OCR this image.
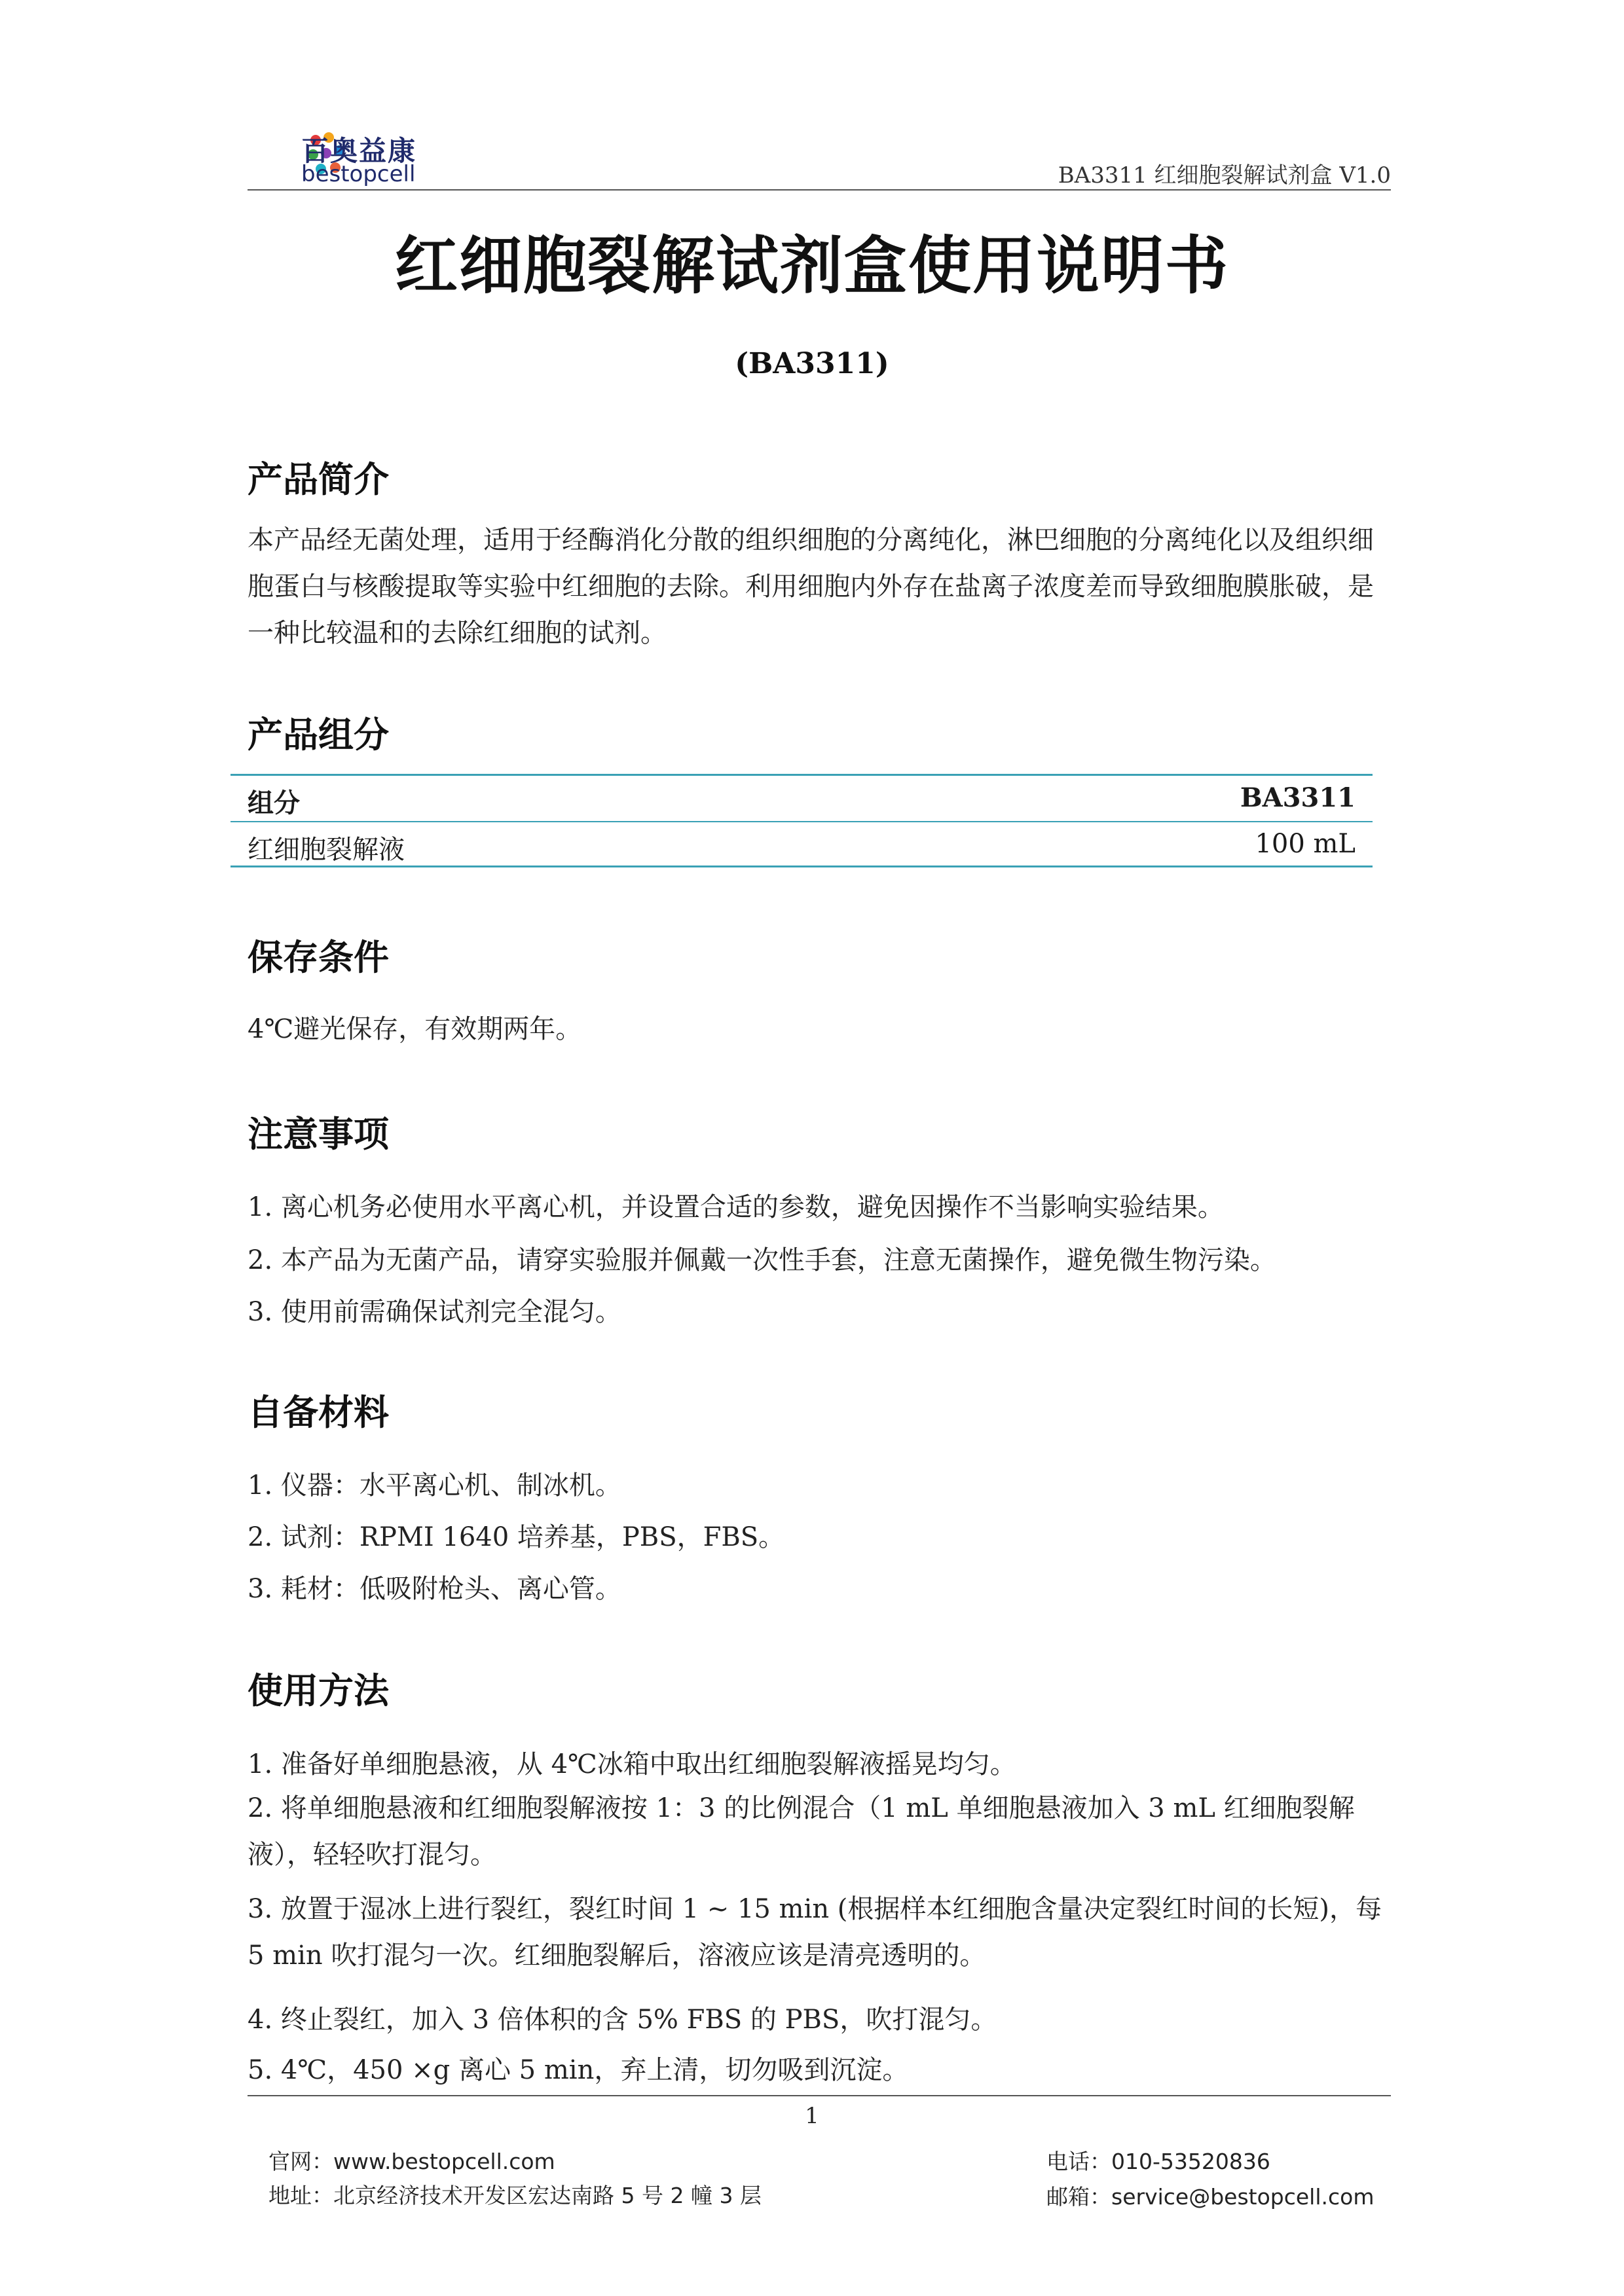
百奥益康
bestopcell	BA3311 红细胞裂解试剂盒 V1.0
红细胞裂解试剂盒使用说明书
(BA3311)
产品简介
本产品经无菌处理，适用于经酶消化分散的组织细胞的分离纯化，淋巴细胞的分离纯化以及组织细胞蛋白与核酸提取等实验中红细胞的去除。利用细胞内外存在盐离子浓度差而导致细胞膜胀破，是一种比较温和的去除红细胞的试剂。
产品组分
组分	BA3311
红细胞裂解液	100 mL
保存条件
4℃避光保存，有效期两年。
注意事项
1. 离心机务必使用水平离心机，并设置合适的参数，避免因操作不当影响实验结果。
2. 本产品为无菌产品，请穿实验服并佩戴一次性手套，注意无菌操作，避免微生物污染。
3. 使用前需确保试剂完全混匀。
自备材料
1. 仪器：水平离心机、制冰机。
2. 试剂：RPMI 1640 培养基，PBS，FBS。
3. 耗材：低吸附枪头、离心管。
使用方法
1. 准备好单细胞悬液，从 4℃冰箱中取出红细胞裂解液摇晃均匀。
2. 将单细胞悬液和红细胞裂解液按 1：3 的比例混合（1 mL 单细胞悬液加入 3 mL 红细胞裂解液），轻轻吹打混匀。
3. 放置于湿冰上进行裂红，裂红时间 1 ~ 15 min (根据样本红细胞含量决定裂红时间的长短)，每 5 min 吹打混匀一次。红细胞裂解后，溶液应该是清亮透明的。
4. 终止裂红，加入 3 倍体积的含 5% FBS 的 PBS，吹打混匀。
5. 4℃，450 ×g 离心 5 min，弃上清，切勿吸到沉淀。
1
官网：www.bestopcell.com
地址：北京经济技术开发区宏达南路 5 号 2 幢 3 层
电话：010-53520836
邮箱：service@bestopcell.com
